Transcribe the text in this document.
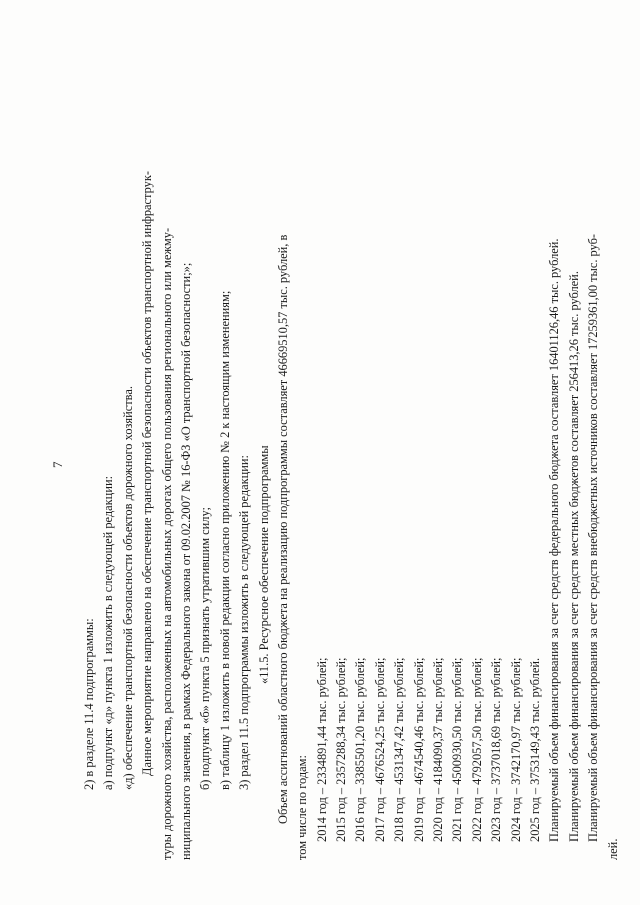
7
2) в разделе 11.4 подпрограммы: а) подпункт «д» пункта 1 изложить в следующей редакции: «д) обеспечение транспортной безопасности объектов дорожного хозяйства. Данное мероприятие направлено на обеспечение транспортной безопасности объектов транспортной инфраструк- туры дорожного хозяйства, расположенных на автомобильных дорогах общего пользования регионального или межму- ниципального значения, в рамках Федерального закона от 09.02.2007 № 16-ФЗ «О транспортной безопасности;»; б) подпункт «б» пункта 5 признать утратившим силу; в) таблицу 1 изложить в новой редакции согласно приложению № 2 к настоящим изменениям; 3) раздел 11.5 подпрограммы изложить в следующей редакции: «11.5. Ресурсное обеспечение подпрограммы Объем ассигнований областного бюджета на реализацию подпрограммы составляет 46669510,57 тыс. рублей, в том числе по годам: 2014 год – 2334891,44 тыс. рублей; 2015 год – 2357288,34 тыс. рублей; 2016 год – 3385501,20 тыс. рублей; 2017 год – 4676524,25 тыс. рублей; 2018 год – 4531347,42 тыс. рублей; 2019 год – 4674540,46 тыс. рублей; 2020 год – 4184090,37 тыс. рублей; 2021 год – 4500930,50 тыс. рублей; 2022 год – 4792057,50 тыс. рублей; 2023 год – 3737018,69 тыс. рублей; 2024 год – 3742170,97 тыс. рублей; 2025 год – 3753149,43 тыс. рублей. Планируемый объем финансирования за счет средств федерального бюджета составляет 16401126,46 тыс. рублей. Планируемый объем финансирования за счет средств местных бюджетов составляет 256413,26 тыс. рублей. Планируемый объем финансирования за счет средств внебюджетных источников составляет 17259361,00 тыс. руб-
лей.
